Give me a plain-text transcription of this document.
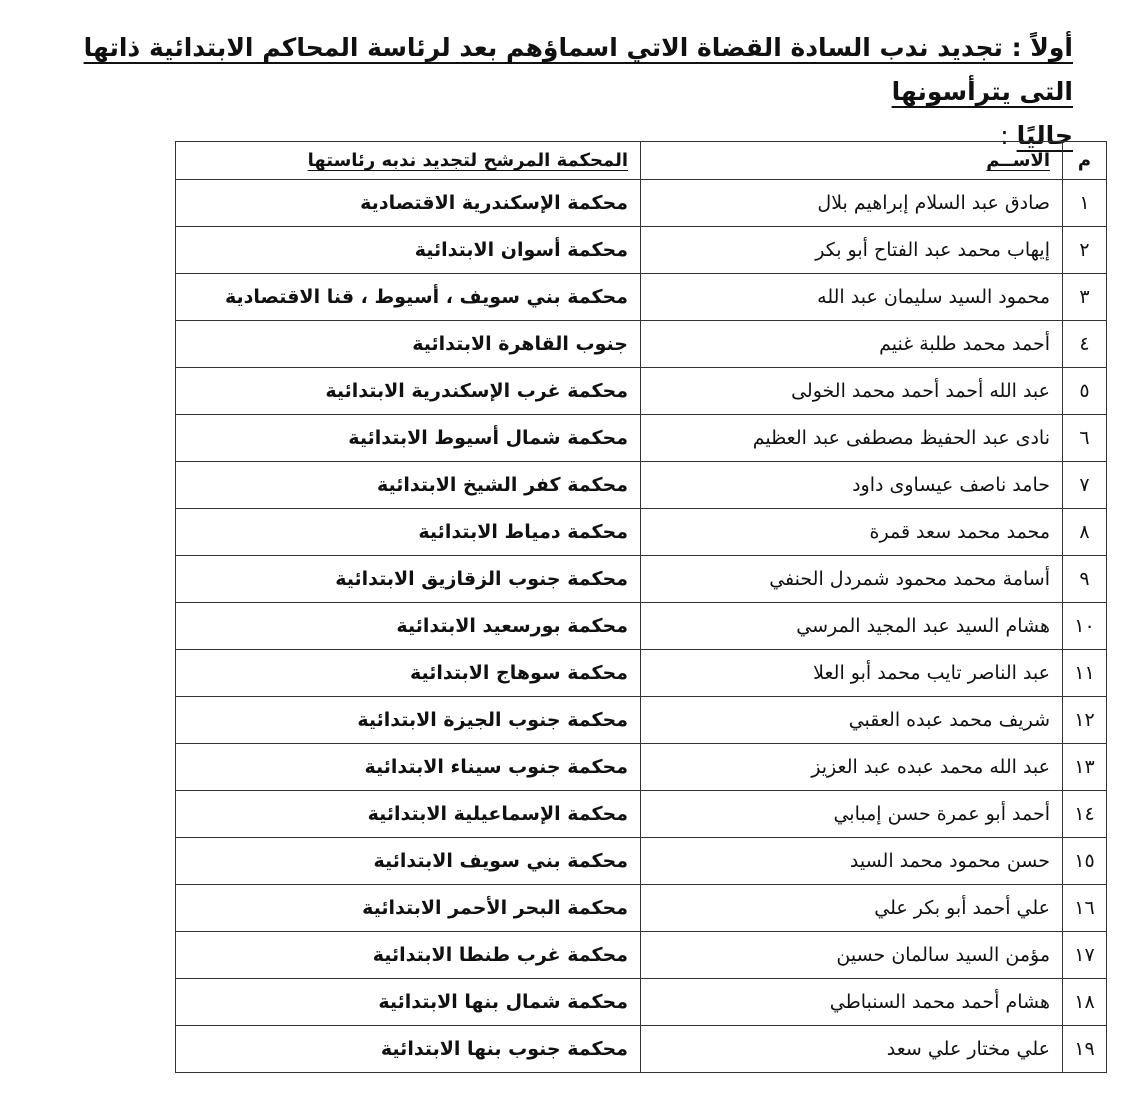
أولاً : تجديد ندب السادة القضاة الاتي اسماؤهم بعد لرئاسة المحاكم الابتدائية ذاتها التى يترأسونها
حاليًا :
م	الاســم	المحكمة المرشح لتجديد ندبه رئاستها
١	صادق عبد السلام إبراهيم بلال	محكمة الإسكندرية الاقتصادية
٢	إيهاب محمد عبد الفتاح أبو بكر	محكمة أسوان الابتدائية
٣	محمود السيد سليمان عبد الله	محكمة بني سويف ، أسيوط ، قنا الاقتصادية
٤	أحمد محمد طلبة غنيم	جنوب القاهرة الابتدائية
٥	عبد الله أحمد أحمد محمد الخولى	محكمة غرب الإسكندرية الابتدائية
٦	نادى عبد الحفيظ مصطفى عبد العظيم	محكمة شمال أسيوط الابتدائية
٧	حامد ناصف عيساوى داود	محكمة كفر الشيخ الابتدائية
٨	محمد محمد سعد قمرة	محكمة دمياط الابتدائية
٩	أسامة محمد محمود شمردل الحنفي	محكمة جنوب الزقازيق الابتدائية
١٠	هشام السيد عبد المجيد المرسي	محكمة بورسعيد الابتدائية
١١	عبد الناصر تايب محمد أبو العلا	محكمة سوهاج الابتدائية
١٢	شريف محمد عبده العقبي	محكمة جنوب الجيزة الابتدائية
١٣	عبد الله محمد عبده عبد العزيز	محكمة جنوب سيناء الابتدائية
١٤	أحمد أبو عمرة حسن إمبابي	محكمة الإسماعيلية الابتدائية
١٥	حسن محمود محمد السيد	محكمة بني سويف الابتدائية
١٦	علي أحمد أبو بكر علي	محكمة البحر الأحمر الابتدائية
١٧	مؤمن السيد سالمان حسين	محكمة غرب طنطا الابتدائية
١٨	هشام أحمد محمد السنباطي	محكمة شمال بنها الابتدائية
١٩	علي مختار علي سعد	محكمة جنوب بنها الابتدائية
